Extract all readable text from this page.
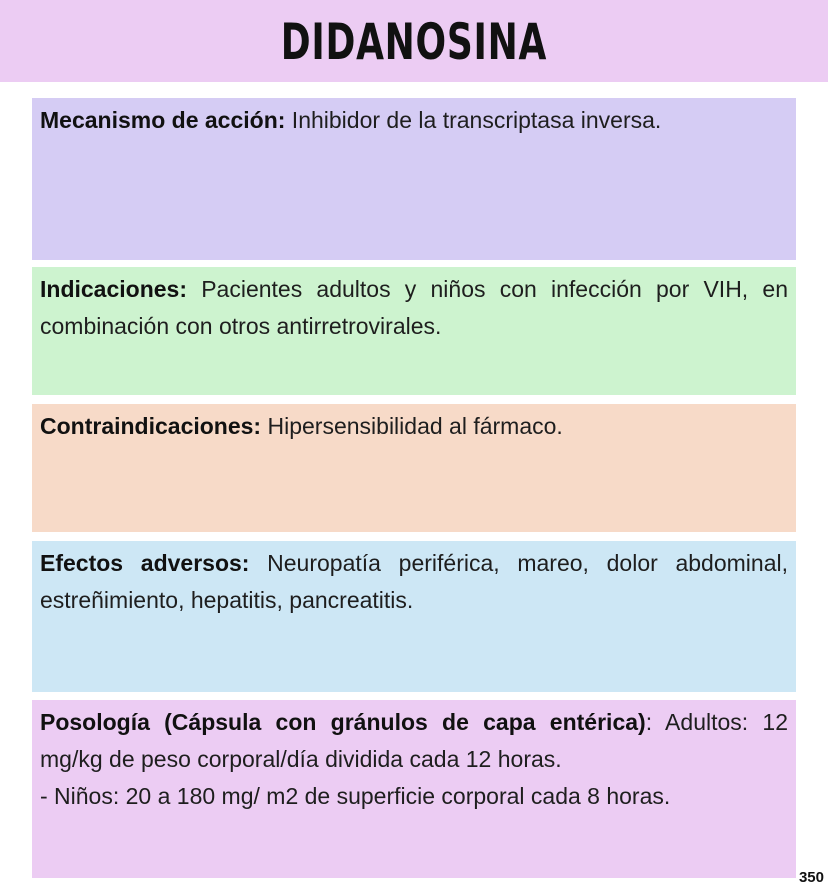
DIDANOSINA
Mecanismo de acción: Inhibidor de la transcriptasa inversa.
Indicaciones: Pacientes adultos y niños con infección por VIH, en combinación con otros antirretrovirales.
Contraindicaciones: Hipersensibilidad al fármaco.
Efectos adversos: Neuropatía periférica, mareo, dolor abdominal, estreñimiento, hepatitis, pancreatitis.
Posología (Cápsula con gránulos de capa entérica): Adultos: 12 mg/kg de peso corporal/día dividida cada 12 horas.
- Niños: 20 a 180 mg/ m2 de superficie corporal cada 8 horas.
350
